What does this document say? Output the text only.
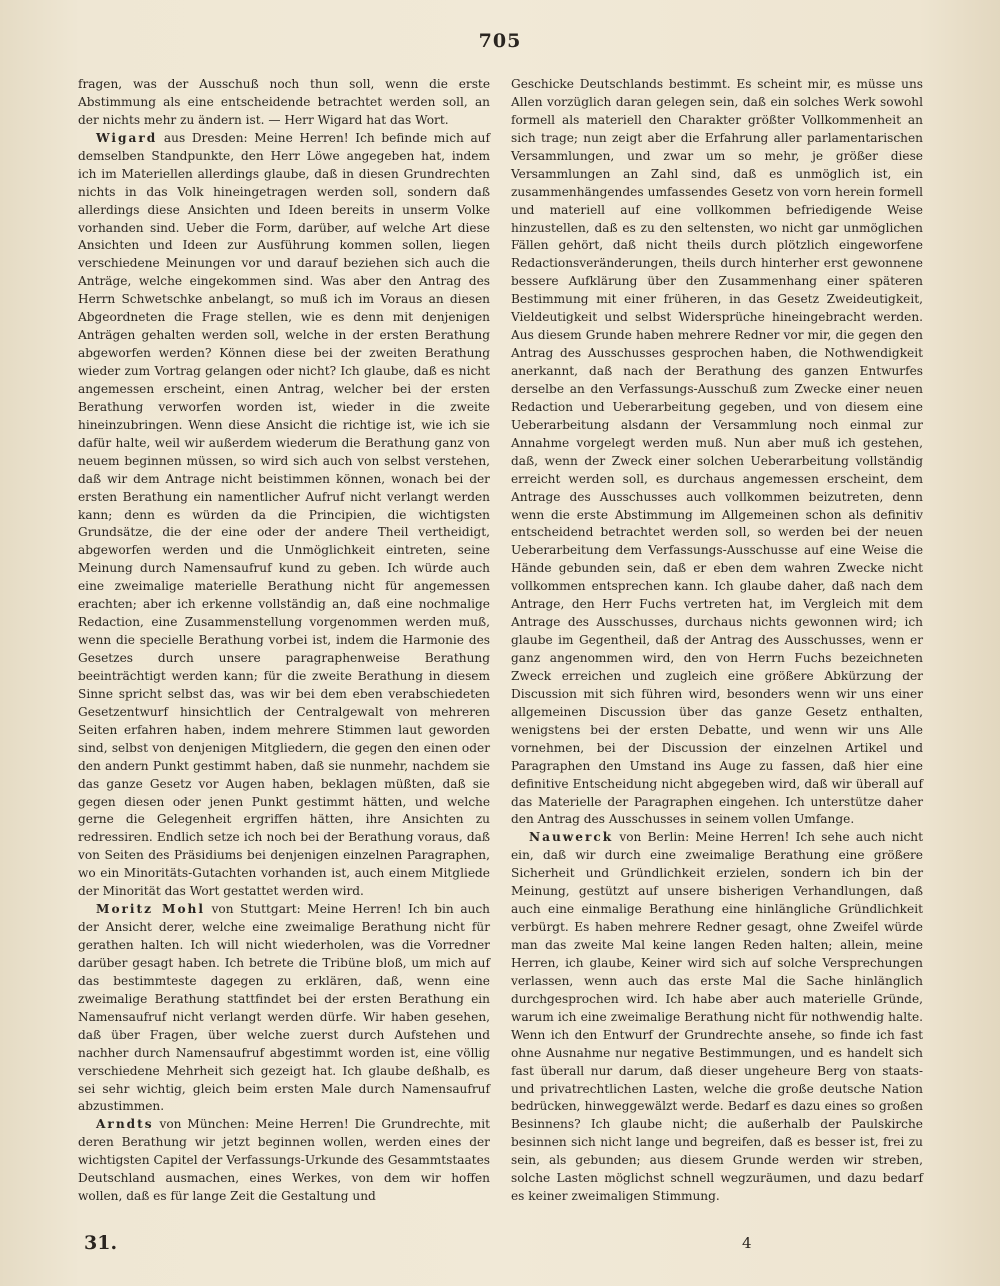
705

fragen, was der Ausschuß noch thun soll, wenn die erste Abstimmung als eine entscheidende betrachtet werden soll, an der nichts mehr zu ändern ist. — Herr Wigard hat das Wort.

Wigard aus Dresden: Meine Herren! Ich befinde mich auf demselben Standpunkte, den Herr Löwe angegeben hat, indem ich im Materiellen allerdings glaube, daß in diesen Grundrechten nichts in das Volk hineingetragen werden soll, sondern daß allerdings diese Ansichten und Ideen bereits in unserm Volke vorhanden sind. Ueber die Form, darüber, auf welche Art diese Ansichten und Ideen zur Ausführung kommen sollen, liegen verschiedene Meinungen vor und darauf beziehen sich auch die Anträge, welche eingekommen sind. Was aber den Antrag des Herrn Schwetschke anbelangt, so muß ich im Voraus an diesen Abgeordneten die Frage stellen, wie es denn mit denjenigen Anträgen gehalten werden soll, welche in der ersten Berathung abgeworfen werden? Können diese bei der zweiten Berathung wieder zum Vortrag gelangen oder nicht? Ich glaube, daß es nicht angemessen erscheint, einen Antrag, welcher bei der ersten Berathung verworfen worden ist, wieder in die zweite hineinzubringen. Wenn diese Ansicht die richtige ist, wie ich sie dafür halte, weil wir außerdem wiederum die Berathung ganz von neuem beginnen müssen, so wird sich auch von selbst verstehen, daß wir dem Antrage nicht beistimmen können, wonach bei der ersten Berathung ein namentlicher Aufruf nicht verlangt werden kann; denn es würden da die Principien, die wichtigsten Grundsätze, die der eine oder der andere Theil vertheidigt, abgeworfen werden und die Unmöglichkeit eintreten, seine Meinung durch Namensaufruf kund zu geben. Ich würde auch eine zweimalige materielle Berathung nicht für angemessen erachten; aber ich erkenne vollständig an, daß eine nochmalige Redaction, eine Zusammenstellung vorgenommen werden muß, wenn die specielle Berathung vorbei ist, indem die Harmonie des Gesetzes durch unsere paragraphenweise Berathung beeinträchtigt werden kann; für die zweite Berathung in diesem Sinne spricht selbst das, was wir bei dem eben verabschiedeten Gesetzentwurf hinsichtlich der Centralgewalt von mehreren Seiten erfahren haben, indem mehrere Stimmen laut geworden sind, selbst von denjenigen Mitgliedern, die gegen den einen oder den andern Punkt gestimmt haben, daß sie nunmehr, nachdem sie das ganze Gesetz vor Augen haben, beklagen müßten, daß sie gegen diesen oder jenen Punkt gestimmt hätten, und welche gerne die Gelegenheit ergriffen hätten, ihre Ansichten zu redressiren. Endlich setze ich noch bei der Berathung voraus, daß von Seiten des Präsidiums bei denjenigen einzelnen Paragraphen, wo ein Minoritäts-Gutachten vorhanden ist, auch einem Mitgliede der Minorität das Wort gestattet werden wird.

Moritz Mohl von Stuttgart: Meine Herren! Ich bin auch der Ansicht derer, welche eine zweimalige Berathung nicht für gerathen halten. Ich will nicht wiederholen, was die Vorredner darüber gesagt haben. Ich betrete die Tribüne bloß, um mich auf das bestimmteste dagegen zu erklären, daß, wenn eine zweimalige Berathung stattfindet bei der ersten Berathung ein Namensaufruf nicht verlangt werden dürfe. Wir haben gesehen, daß über Fragen, über welche zuerst durch Aufstehen und nachher durch Namensaufruf abgestimmt worden ist, eine völlig verschiedene Mehrheit sich gezeigt hat. Ich glaube deßhalb, es sei sehr wichtig, gleich beim ersten Male durch Namensaufruf abzustimmen.

Arndts von München: Meine Herren! Die Grundrechte, mit deren Berathung wir jetzt beginnen wollen, werden eines der wichtigsten Capitel der Verfassungs-Urkunde des Gesammtstaates Deutschland ausmachen, eines Werkes, von dem wir hoffen wollen, daß es für lange Zeit die Gestaltung und

Geschicke Deutschlands bestimmt. Es scheint mir, es müsse uns Allen vorzüglich daran gelegen sein, daß ein solches Werk sowohl formell als materiell den Charakter größter Vollkommenheit an sich trage; nun zeigt aber die Erfahrung aller parlamentarischen Versammlungen, und zwar um so mehr, je größer diese Versammlungen an Zahl sind, daß es unmöglich ist, ein zusammenhängendes umfassendes Gesetz von vorn herein formell und materiell auf eine vollkommen befriedigende Weise hinzustellen, daß es zu den seltensten, wo nicht gar unmöglichen Fällen gehört, daß nicht theils durch plötzlich eingeworfene Redactionsveränderungen, theils durch hinterher erst gewonnene bessere Aufklärung über den Zusammenhang einer späteren Bestimmung mit einer früheren, in das Gesetz Zweideutigkeit, Vieldeutigkeit und selbst Widersprüche hineingebracht werden. Aus diesem Grunde haben mehrere Redner vor mir, die gegen den Antrag des Ausschusses gesprochen haben, die Nothwendigkeit anerkannt, daß nach der Berathung des ganzen Entwurfes derselbe an den Verfassungs-Ausschuß zum Zwecke einer neuen Redaction und Ueberarbeitung gegeben, und von diesem eine Ueberarbeitung alsdann der Versammlung noch einmal zur Annahme vorgelegt werden muß. Nun aber muß ich gestehen, daß, wenn der Zweck einer solchen Ueberarbeitung vollständig erreicht werden soll, es durchaus angemessen erscheint, dem Antrage des Ausschusses auch vollkommen beizutreten, denn wenn die erste Abstimmung im Allgemeinen schon als definitiv entscheidend betrachtet werden soll, so werden bei der neuen Ueberarbeitung dem Verfassungs-Ausschusse auf eine Weise die Hände gebunden sein, daß er eben dem wahren Zwecke nicht vollkommen entsprechen kann. Ich glaube daher, daß nach dem Antrage, den Herr Fuchs vertreten hat, im Vergleich mit dem Antrage des Ausschusses, durchaus nichts gewonnen wird; ich glaube im Gegentheil, daß der Antrag des Ausschusses, wenn er ganz angenommen wird, den von Herrn Fuchs bezeichneten Zweck erreichen und zugleich eine größere Abkürzung der Discussion mit sich führen wird, besonders wenn wir uns einer allgemeinen Discussion über das ganze Gesetz enthalten, wenigstens bei der ersten Debatte, und wenn wir uns Alle vornehmen, bei der Discussion der einzelnen Artikel und Paragraphen den Umstand ins Auge zu fassen, daß hier eine definitive Entscheidung nicht abgegeben wird, daß wir überall auf das Materielle der Paragraphen eingehen. Ich unterstütze daher den Antrag des Ausschusses in seinem vollen Umfange.

Nauwerck von Berlin: Meine Herren! Ich sehe auch nicht ein, daß wir durch eine zweimalige Berathung eine größere Sicherheit und Gründlichkeit erzielen, sondern ich bin der Meinung, gestützt auf unsere bisherigen Verhandlungen, daß auch eine einmalige Berathung eine hinlängliche Gründlichkeit verbürgt. Es haben mehrere Redner gesagt, ohne Zweifel würde man das zweite Mal keine langen Reden halten; allein, meine Herren, ich glaube, Keiner wird sich auf solche Versprechungen verlassen, wenn auch das erste Mal die Sache hinlänglich durchgesprochen wird. Ich habe aber auch materielle Gründe, warum ich eine zweimalige Berathung nicht für nothwendig halte. Wenn ich den Entwurf der Grundrechte ansehe, so finde ich fast ohne Ausnahme nur negative Bestimmungen, und es handelt sich fast überall nur darum, daß dieser ungeheure Berg von staats- und privatrechtlichen Lasten, welche die große deutsche Nation bedrücken, hinweggewälzt werde. Bedarf es dazu eines so großen Besinnens? Ich glaube nicht; die außerhalb der Paulskirche besinnen sich nicht lange und begreifen, daß es besser ist, frei zu sein, als gebunden; aus diesem Grunde werden wir streben, solche Lasten möglichst schnell wegzuräumen, und dazu bedarf es keiner zweimaligen Stimmung.

31.	4
